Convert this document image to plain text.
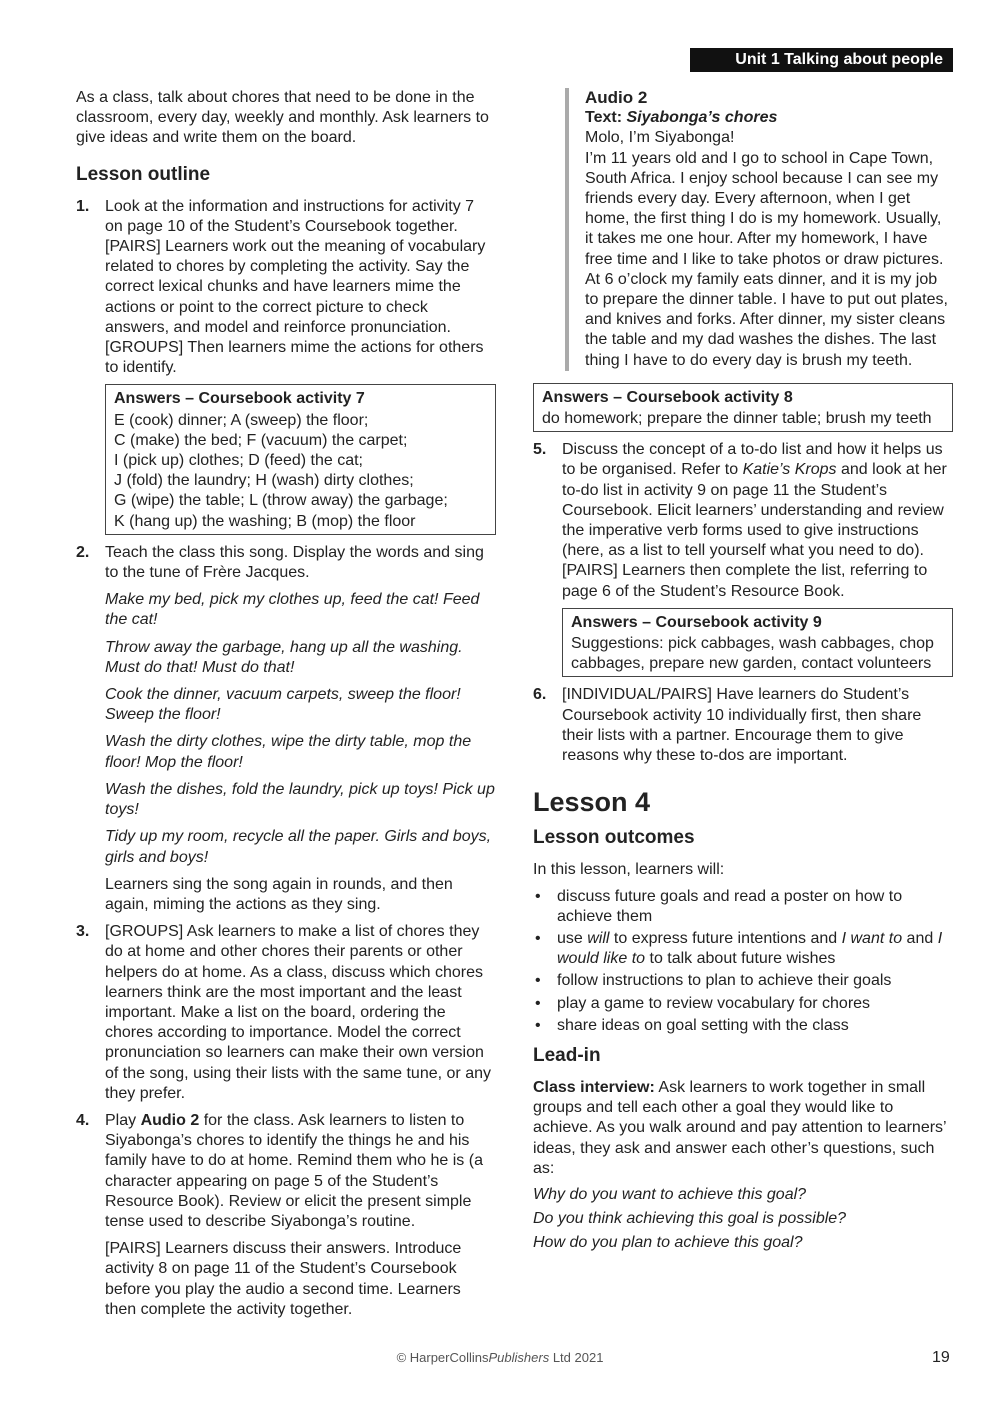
Unit 1 Talking about people

As a class, talk about chores that need to be done in the classroom, every day, weekly and monthly. Ask learners to give ideas and write them on the board.

Lesson outline
1. Look at the information and instructions for activity 7 on page 10 of the Student’s Coursebook together. [PAIRS] Learners work out the meaning of vocabulary related to chores by completing the activity. Say the correct lexical chunks and have learners mime the actions or point to the correct picture to check answers, and model and reinforce pronunciation. [GROUPS] Then learners mime the actions for others to identify.

Answers – Coursebook activity 7
E (cook) dinner; A (sweep) the floor;
C (make) the bed; F (vacuum) the carpet;
I (pick up) clothes; D (feed) the cat;
J (fold) the laundry; H (wash) dirty clothes;
G (wipe) the table; L (throw away) the garbage;
K (hang up) the washing; B (mop) the floor
2. Teach the class this song. Display the words and sing to the tune of Frère Jacques.

Make my bed, pick my clothes up, feed the cat! Feed the cat!

Throw away the garbage, hang up all the washing. Must do that! Must do that!

Cook the dinner, vacuum carpets, sweep the floor! Sweep the floor!

Wash the dirty clothes, wipe the dirty table, mop the floor! Mop the floor!

Wash the dishes, fold the laundry, pick up toys! Pick up toys!

Tidy up my room, recycle all the paper. Girls and boys, girls and boys!

Learners sing the song again in rounds, and then again, miming the actions as they sing.

3. [GROUPS] Ask learners to make a list of chores they do at home and other chores their parents or other helpers do at home. As a class, discuss which chores learners think are the most important and the least important. Make a list on the board, ordering the chores according to importance. Model the correct pronunciation so learners can make their own version of the song, using their lists with the same tune, or any they prefer.

4. Play Audio 2 for the class. Ask learners to listen to Siyabonga’s chores to identify the things he and his family have to do at home. Remind them who he is (a character appearing on page 5 of the Student’s Resource Book). Review or elicit the present simple tense used to describe Siyabonga’s routine.

[PAIRS] Learners discuss their answers. Introduce activity 8 on page 11 of the Student’s Coursebook before you play the audio a second time. Learners then complete the activity together.

Audio 2
Text: Siyabonga’s chores
Molo, I’m Siyabonga!
I’m 11 years old and I go to school in Cape Town, South Africa. I enjoy school because I can see my friends every day. Every afternoon, when I get home, the first thing I do is my homework. Usually, it takes me one hour. After my homework, I have free time and I like to take photos or draw pictures. At 6 o’clock my family eats dinner, and it is my job to prepare the dinner table. I have to put out plates, and knives and forks. After dinner, my sister cleans the table and my dad washes the dishes. The last thing I have to do every day is brush my teeth.
Answers – Coursebook activity 8
do homework; prepare the dinner table; brush my teeth
5. Discuss the concept of a to-do list and how it helps us to be organised. Refer to Katie’s Krops and look at her to-do list in activity 9 on page 11 the Student’s Coursebook. Elicit learners’ understanding and review the imperative verb forms used to give instructions (here, as a list to tell yourself what you need to do). [PAIRS] Learners then complete the list, referring to page 6 of the Student’s Resource Book.

Answers – Coursebook activity 9
Suggestions: pick cabbages, wash cabbages, chop cabbages, prepare new garden, contact volunteers
6. [INDIVIDUAL/PAIRS] Have learners do Student’s Coursebook activity 10 individually first, then share their lists with a partner. Encourage them to give reasons why these to-dos are important.

Lesson 4
Lesson outcomes

In this lesson, learners will:

• discuss future goals and read a poster on how to achieve them
• use will to express future intentions and I want to and I would like to to talk about future wishes
• follow instructions to plan to achieve their goals
• play a game to review vocabulary for chores
• share ideas on goal setting with the class
Lead-in

Class interview: Ask learners to work together in small groups and tell each other a goal they would like to achieve. As you walk around and pay attention to learners’ ideas, they ask and answer each other’s questions, such as:

Why do you want to achieve this goal?

Do you think achieving this goal is possible?

How do you plan to achieve this goal?

© HarperCollinsPublishers Ltd 2021	19
